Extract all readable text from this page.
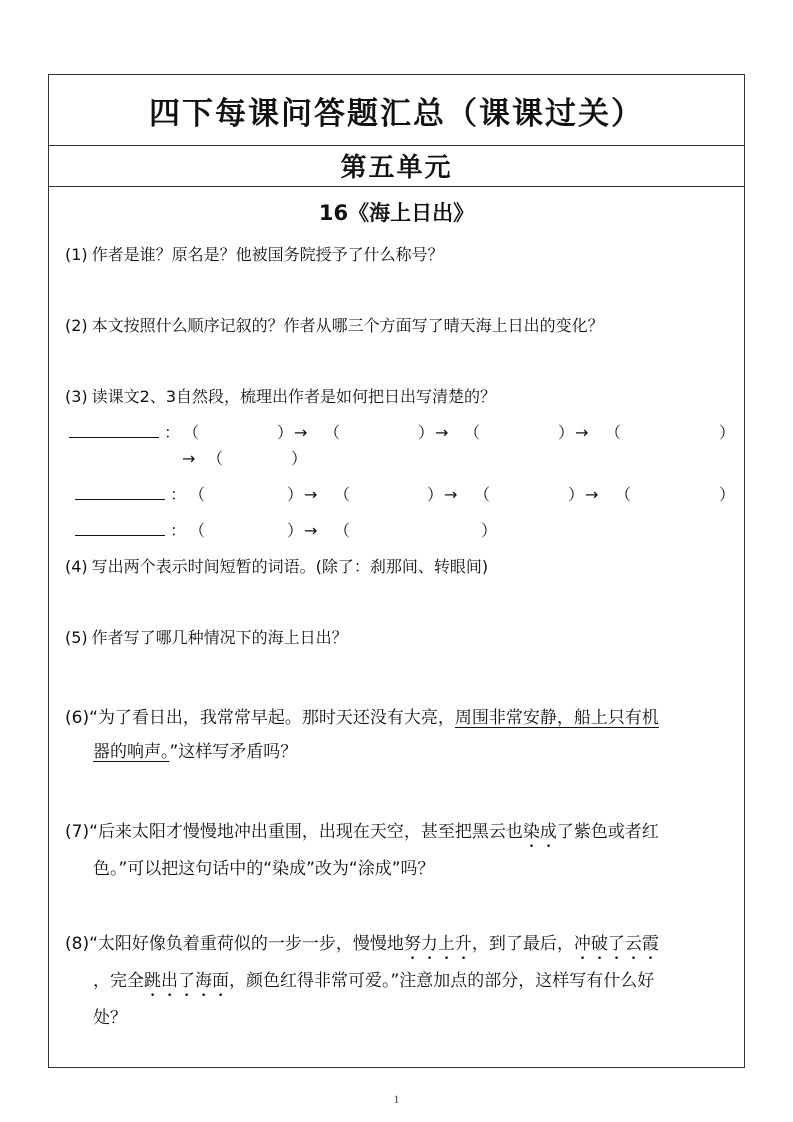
四下每课问答题汇总（课课过关）
第五单元
16《海上日出》
(1) 作者是谁？原名是？他被国务院授予了什么称号？
(2) 本文按照什么顺序记叙的？作者从哪三个方面写了晴天海上日出的变化？
(3) 读课文2、3自然段，梳理出作者是如何把日出写清楚的？
： （	） → （	） → （	） → （	）
→ （	）
： （	） → （	） → （	） → （	）
： （	） → （	）
(4) 写出两个表示时间短暂的词语。(除了：刹那间、转眼间)
(5) 作者写了哪几种情况下的海上日出？
(6)“为了看日出，我常常早起。那时天还没有大亮，周围非常安静，船上只有机
器的响声。”这样写矛盾吗？
(7)“后来太阳才慢慢地冲出重围，出现在天空，甚至把黑云也染成了紫色或者红
色。”可以把这句话中的“染成”改为“涂成”吗？
(8)“太阳好像负着重荷似的一步一步，慢慢地努力上升，到了最后，冲破了云霞
，完全跳出了海面，颜色红得非常可爱。”注意加点的部分，这样写有什么好
处？
1
